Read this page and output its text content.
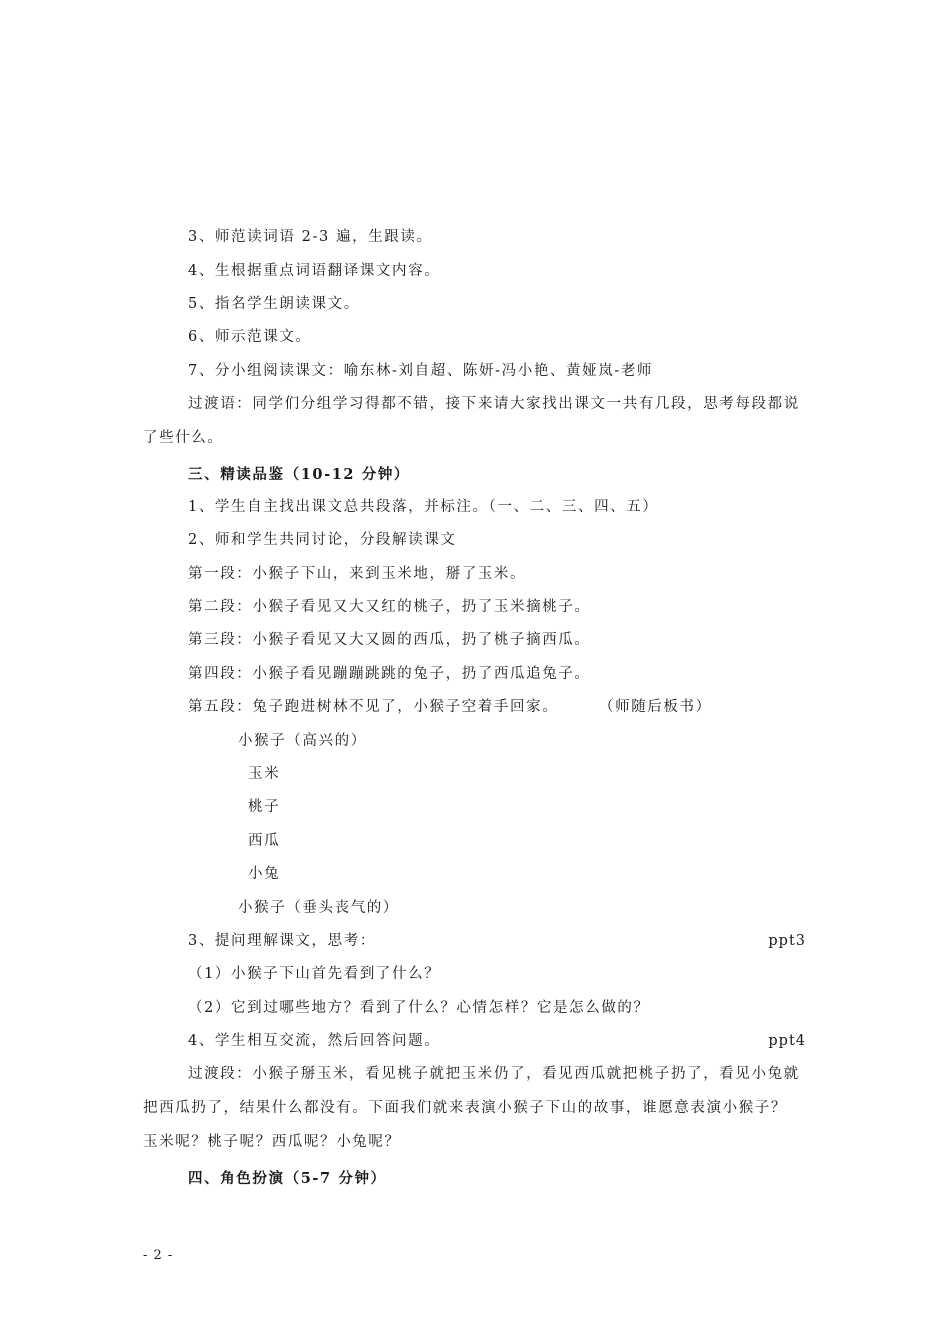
3、师范读词语 2-3 遍，生跟读。
4、生根据重点词语翻译课文内容。
5、指名学生朗读课文。
6、师示范课文。
7、分小组阅读课文：喻东林-刘自超、陈妍-冯小艳、黄娅岚-老师
过渡语：同学们分组学习得都不错，接下来请大家找出课文一共有几段，思考每段都说
了些什么。
三、精读品鉴（10-12 分钟）
1、学生自主找出课文总共段落，并标注。（一、二、三、四、五）
2、师和学生共同讨论，分段解读课文
第一段：小猴子下山，来到玉米地，掰了玉米。
第二段：小猴子看见又大又红的桃子，扔了玉米摘桃子。
第三段：小猴子看见又大又圆的西瓜，扔了桃子摘西瓜。
第四段：小猴子看见蹦蹦跳跳的兔子，扔了西瓜追兔子。
第五段：兔子跑进树林不见了，小猴子空着手回家。	（师随后板书）
小猴子（高兴的）
玉米
桃子
西瓜
小兔
小猴子（垂头丧气的）
3、提问理解课文，思考：	ppt3
（1）小猴子下山首先看到了什么？
（2）它到过哪些地方？看到了什么？心情怎样？它是怎么做的？
4、学生相互交流，然后回答问题。	ppt4
过渡段：小猴子掰玉米，看见桃子就把玉米仍了，看见西瓜就把桃子扔了，看见小兔就
把西瓜扔了，结果什么都没有。下面我们就来表演小猴子下山的故事，谁愿意表演小猴子？
玉米呢？桃子呢？西瓜呢？小兔呢？
四、角色扮演（5-7 分钟）
- 2 -
